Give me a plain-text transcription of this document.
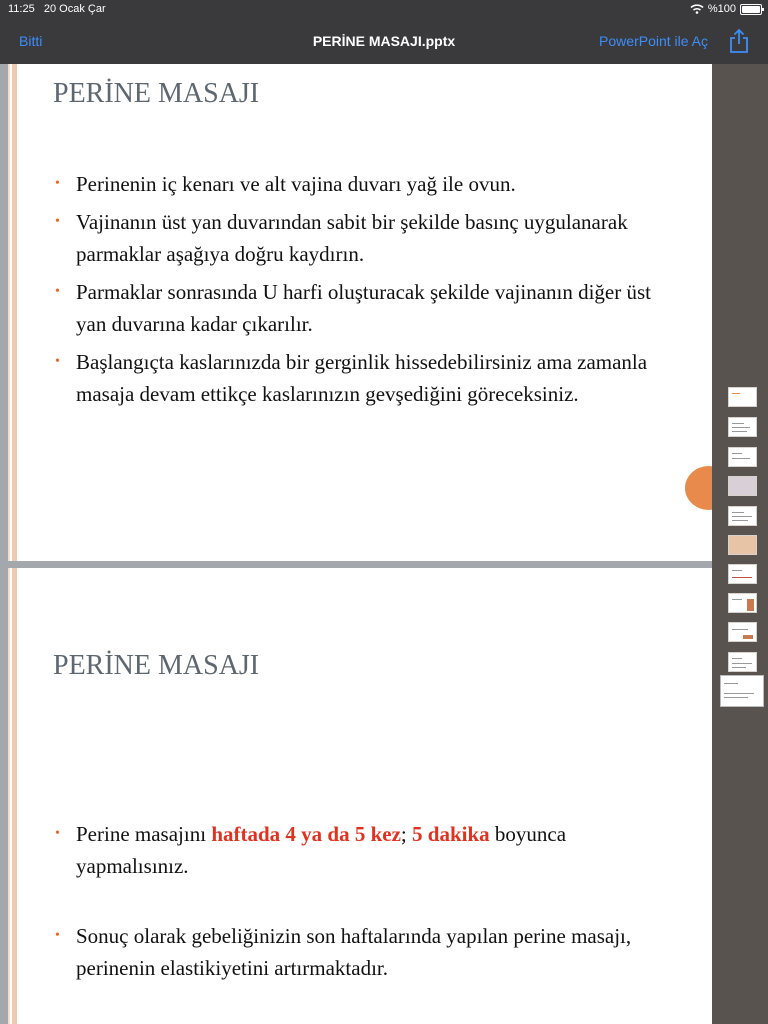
11:25 20 Ocak Çar	%100
Bitti	PERİNE MASAJI.pptx	PowerPoint ile Aç
PERİNE MASAJI
• Perinenin iç kenarı ve alt vajina duvarı yağ ile ovun.
• Vajinanın üst yan duvarından sabit bir şekilde basınç uygulanarak parmaklar aşağıya doğru kaydırın.
• Parmaklar sonrasında U harfi oluşturacak şekilde vajinanın diğer üst yan duvarına kadar çıkarılır.
• Başlangıçta kaslarınızda bir gerginlik hissedebilirsiniz ama zamanla masaja devam ettikçe kaslarınızın gevşediğini göreceksiniz.
PERİNE MASAJI
• Perine masajını haftada 4 ya da 5 kez; 5 dakika boyunca yapmalısınız.
• Sonuç olarak gebeliğinizin son haftalarında yapılan perine masajı, perinenin elastikiyetini artırmaktadır.
